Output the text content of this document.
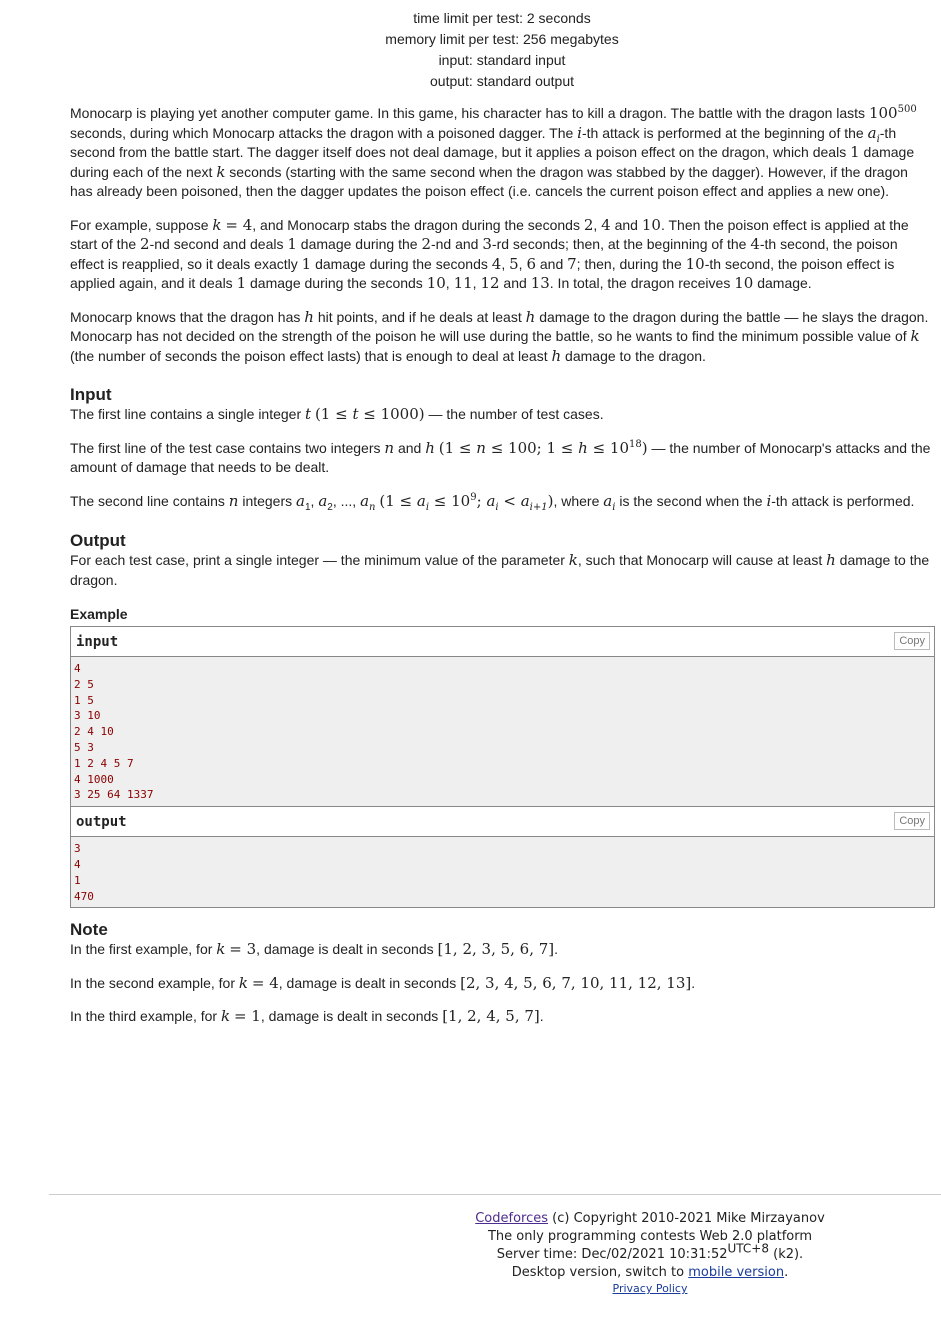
time limit per test: 2 seconds
memory limit per test: 256 megabytes
input: standard input
output: standard output

Monocarp is playing yet another computer game. In this game, his character has to kill a dragon. The battle with the dragon lasts $100^{500}$ seconds, during which Monocarp attacks the dragon with a poisoned dagger. The i-th attack is performed at the beginning of the $a_i-th$ second from the battle start. The dagger itself does not deal damage, but it applies a poison effect on the dragon, which deals 1 damage during each of the next k seconds (starting with the same second when the dragon was stabbed by the dagger). However, if the dragon has already been poisoned, then the dagger updates the poison effect (i.e. cancels the current poison effect and applies a new one).

For example, suppose k = 4, and Monocarp stabs the dragon during the seconds 2, 4 and 10. Then the poison effect is applied at the start of the 2-nd second and deals 1 damage during the 2-nd and 3-rd seconds; then, at the beginning of the 4-th second, the poison effect is reapplied, so it deals exactly 1 damage during the seconds 4, 5, 6 and 7; then, during the 10-th second, the poison effect is applied again, and it deals 1 damage during the seconds 10, 11, 12 and 13. In total, the dragon receives 10 damage.

Monocarp knows that the dragon has h hit points, and if he deals at least h damage to the dragon during the battle — he slays the dragon. Monocarp has not decided on the strength of the poison he will use during the battle, so he wants to find the minimum possible value of k (the number of seconds the poison effect lasts) that is enough to deal at least h damage to the dragon.

Input

The first line contains a single integer t (1 ≤ t ≤ 1000) — the number of test cases.

The first line of the test case contains two integers n and h (1 ≤ n ≤ 100; $1 \le h \le 10^{18}$) — the number of Monocarp's attacks and the amount of damage that needs to be dealt.

The second line contains n integers $a_1$, $a_2$, ..., $a_n$ ($1 \le a_i \le 10^9$; $a_i < a_{i+1}$), where $a_i$ is the second when the i-th attack is performed.

Output

For each test case, print a single integer — the minimum value of the parameter k, such that Monocarp will cause at least h damage to the dragon.

Example
input	Copy
4
2 5
1 5
3 10
2 4 10
5 3
1 2 4 5 7
4 1000
3 25 64 1337
output	Copy
3
4
1
470
Note

In the first example, for k = 3, damage is dealt in seconds [1, 2, 3, 5, 6, 7].

In the second example, for k = 4, damage is dealt in seconds [2, 3, 4, 5, 6, 7, 10, 11, 12, 13].

In the third example, for k = 1, damage is dealt in seconds [1, 2, 4, 5, 7].

Codeforces (c) Copyright 2010-2021 Mike Mirzayanov
The only programming contests Web 2.0 platform
Server time: Dec/02/2021 $10:31:52^{UTC+8}$ (k2).
Desktop version, switch to mobile version.
Privacy Policy
